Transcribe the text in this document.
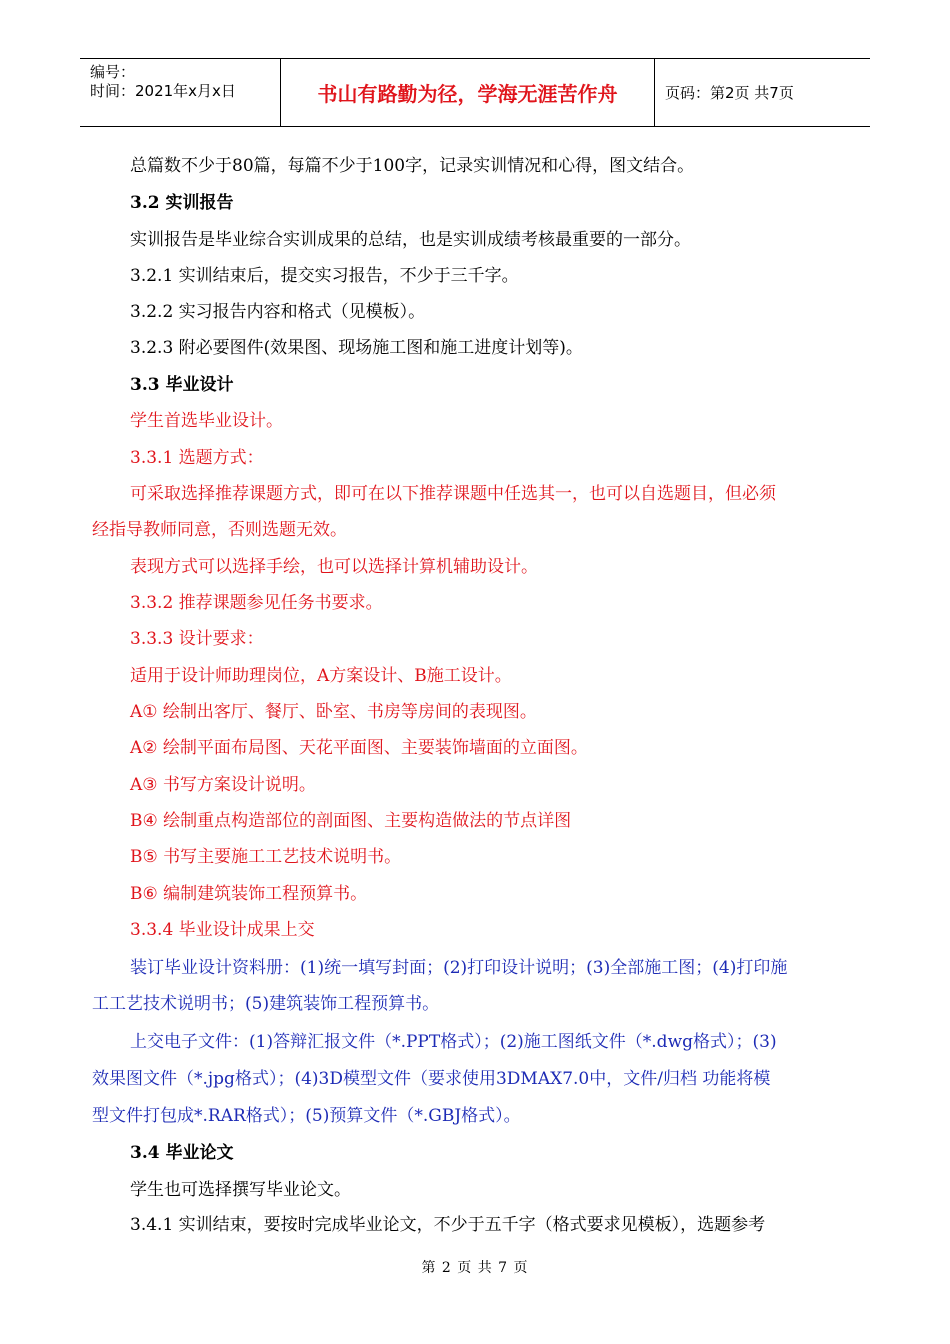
编号：
时间：2021年x月x日	书山有路勤为径，学海无涯苦作舟	页码：第2页 共7页
总篇数不少于80篇，每篇不少于100字，记录实训情况和心得，图文结合。
3.2 实训报告
实训报告是毕业综合实训成果的总结，也是实训成绩考核最重要的一部分。
3.2.1 实训结束后，提交实习报告，不少于三千字。
3.2.2 实习报告内容和格式（见模板）。
3.2.3 附必要图件(效果图、现场施工图和施工进度计划等)。
3.3 毕业设计
学生首选毕业设计。
3.3.1 选题方式：
可采取选择推荐课题方式，即可在以下推荐课题中任选其一，也可以自选题目，但必须
经指导教师同意，否则选题无效。
表现方式可以选择手绘，也可以选择计算机辅助设计。
3.3.2 推荐课题参见任务书要求。
3.3.3 设计要求：
适用于设计师助理岗位，A方案设计、B施工设计。
A① 绘制出客厅、餐厅、卧室、书房等房间的表现图。
A② 绘制平面布局图、天花平面图、主要装饰墙面的立面图。
A③ 书写方案设计说明。
B④ 绘制重点构造部位的剖面图、主要构造做法的节点详图
B⑤ 书写主要施工工艺技术说明书。
B⑥ 编制建筑装饰工程预算书。
3.3.4 毕业设计成果上交
装订毕业设计资料册：(1)统一填写封面；(2)打印设计说明；(3)全部施工图；(4)打印施
工工艺技术说明书；(5)建筑装饰工程预算书。
上交电子文件：(1)答辩汇报文件（*.PPT格式）；(2)施工图纸文件（*.dwg格式）；(3)
效果图文件（*.jpg格式）；(4)3D模型文件（要求使用3DMAX7.0中，文件/归档 功能将模
型文件打包成*.RAR格式）；(5)预算文件（*.GBJ格式）。
3.4 毕业论文
学生也可选择撰写毕业论文。
3.4.1 实训结束，要按时完成毕业论文，不少于五千字（格式要求见模板），选题参考
第 2 页 共 7 页
